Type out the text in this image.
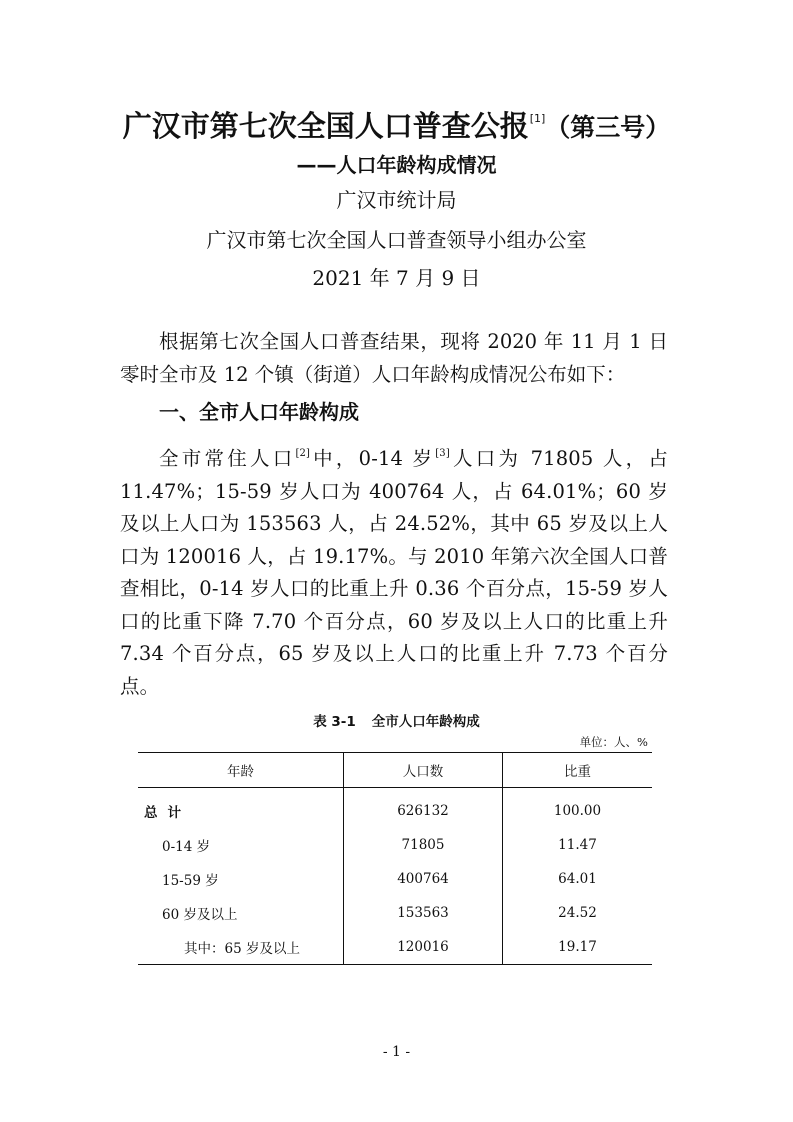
广汉市第七次全国人口普查公报[1]（第三号）
——人口年龄构成情况
广汉市统计局
广汉市第七次全国人口普查领导小组办公室
2021 年 7 月 9 日
根据第七次全国人口普查结果，现将 2020 年 11 月 1 日零时全市及 12 个镇（街道）人口年龄构成情况公布如下：
一、全市人口年龄构成
全市常住人口[2]中，0-14 岁[3]人口为 71805 人，占 11.47%；15-59 岁人口为 400764 人，占 64.01%；60 岁及以上人口为 153563 人，占 24.52%，其中 65 岁及以上人口为 120016 人，占 19.17%。与 2010 年第六次全国人口普查相比，0-14 岁人口的比重上升 0.36 个百分点，15-59 岁人口的比重下降 7.70 个百分点，60 岁及以上人口的比重上升 7.34 个百分点，65 岁及以上人口的比重上升 7.73 个百分点。
表 3-1 全市人口年龄构成
单位：人、%
年龄	人口数	比重
总计	626132	100.00
0-14 岁	71805	11.47
15-59 岁	400764	64.01
60 岁及以上	153563	24.52
其中：65 岁及以上	120016	19.17
- 1 -
